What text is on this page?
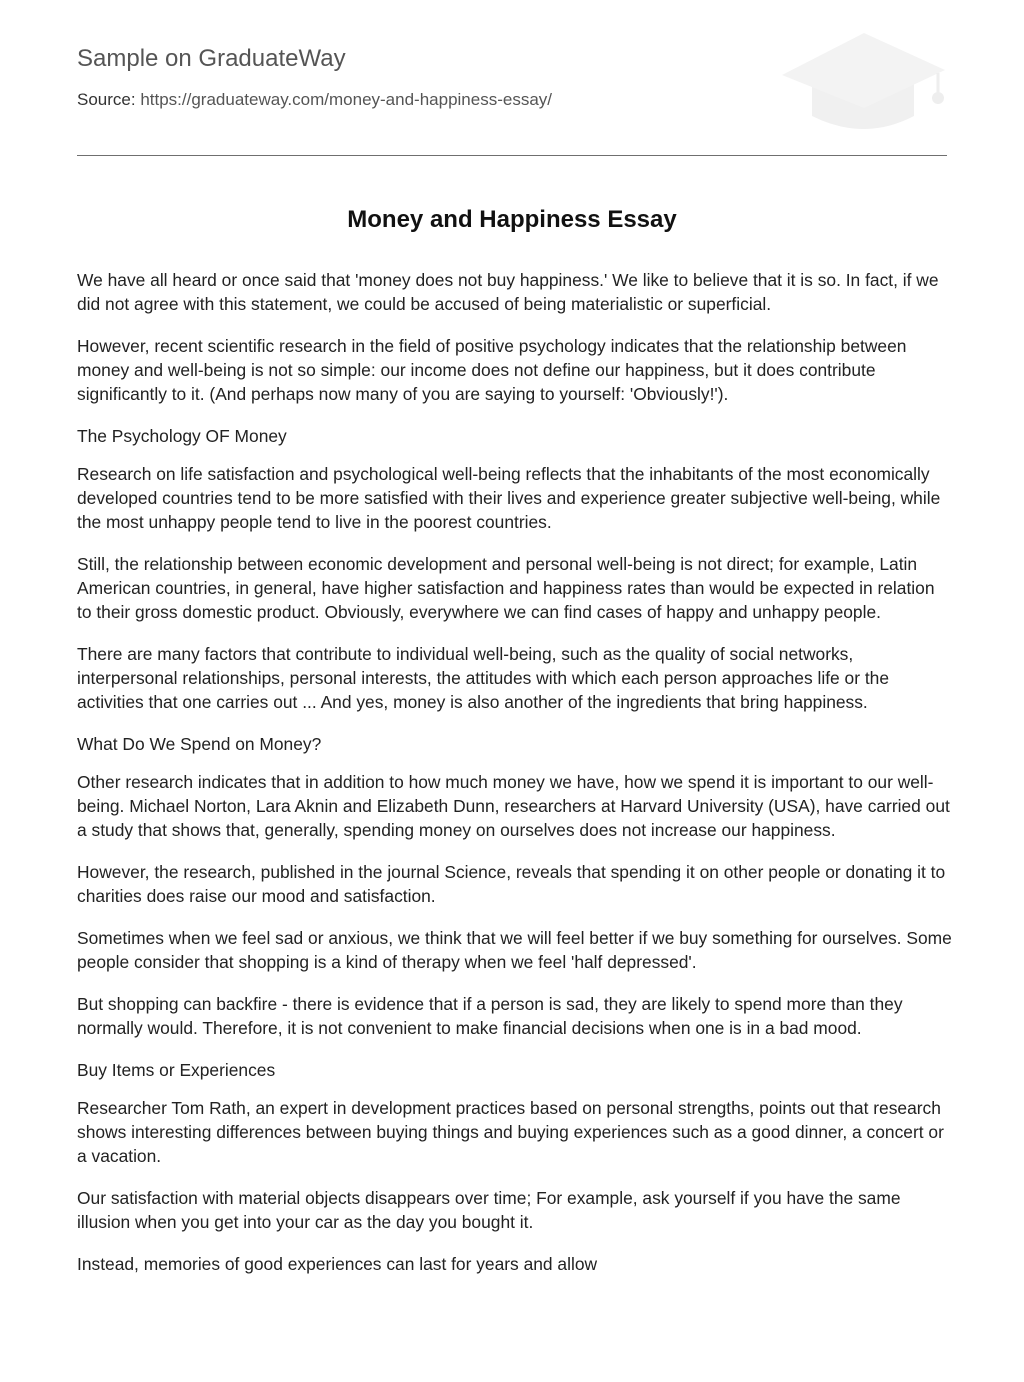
Sample on GraduateWay
Source: https://graduateway.com/money-and-happiness-essay/
Money and Happiness Essay

We have all heard or once said that 'money does not buy happiness.' We like to believe that it is so. In fact, if we did not agree with this statement, we could be accused of being materialistic or superficial.

However, recent scientific research in the field of positive psychology indicates that the relationship between money and well-being is not so simple: our income does not define our happiness, but it does contribute significantly to it. (And perhaps now many of you are saying to yourself: 'Obviously!').

The Psychology OF Money

Research on life satisfaction and psychological well-being reflects that the inhabitants of the most economically developed countries tend to be more satisfied with their lives and experience greater subjective well-being, while the most unhappy people tend to live in the poorest countries.

Still, the relationship between economic development and personal well-being is not direct; for example, Latin American countries, in general, have higher satisfaction and happiness rates than would be expected in relation to their gross domestic product. Obviously, everywhere we can find cases of happy and unhappy people.

There are many factors that contribute to individual well-being, such as the quality of social networks, interpersonal relationships, personal interests, the attitudes with which each person approaches life or the activities that one carries out ... And yes, money is also another of the ingredients that bring happiness.

What Do We Spend on Money?

Other research indicates that in addition to how much money we have, how we spend it is important to our well-being. Michael Norton, Lara Aknin and Elizabeth Dunn, researchers at Harvard University (USA), have carried out a study that shows that, generally, spending money on ourselves does not increase our happiness.

However, the research, published in the journal Science, reveals that spending it on other people or donating it to charities does raise our mood and satisfaction.

Sometimes when we feel sad or anxious, we think that we will feel better if we buy something for ourselves. Some people consider that shopping is a kind of therapy when we feel 'half depressed'.

But shopping can backfire - there is evidence that if a person is sad, they are likely to spend more than they normally would. Therefore, it is not convenient to make financial decisions when one is in a bad mood.

Buy Items or Experiences

Researcher Tom Rath, an expert in development practices based on personal strengths, points out that research shows interesting differences between buying things and buying experiences such as a good dinner, a concert or a vacation.

Our satisfaction with material objects disappears over time; For example, ask yourself if you have the same illusion when you get into your car as the day you bought it.

Instead, memories of good experiences can last for years and allow
